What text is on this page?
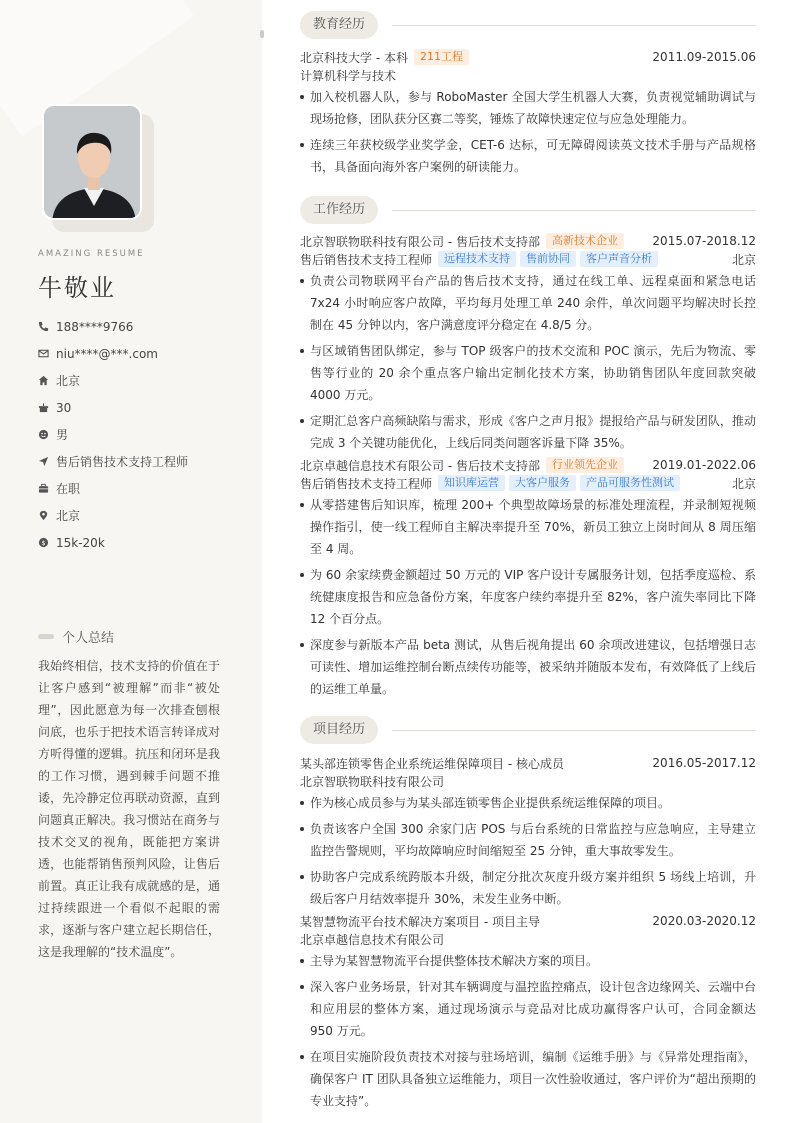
AMAZING RESUME
牛敬业
188****9766
niu****@***.com
北京
30
男
售后销售技术支持工程师
在职
北京
$ 15k-20k
个人总结
我始终相信，技术支持的价值在于让客户感到“被理解”而非“被处理”，因此愿意为每一次排查刨根问底，也乐于把技术语言转译成对方听得懂的逻辑。抗压和闭环是我的工作习惯，遇到棘手问题不推诿，先冷静定位再联动资源，直到问题真正解决。我习惯站在商务与技术交叉的视角，既能把方案讲透，也能帮销售预判风险，让售后前置。真正让我有成就感的是，通过持续跟进一个看似不起眼的需求，逐渐与客户建立起长期信任，这是我理解的“技术温度”。
教育经历
北京科技大学 - 本科	211工程	2011.09-2015.06
计算机科学与技术
加入校机器人队，参与 RoboMaster 全国大学生机器人大赛，负责视觉辅助调试与现场抢修，团队获分区赛二等奖，锤炼了故障快速定位与应急处理能力。
连续三年获校级学业奖学金，CET-6 达标，可无障碍阅读英文技术手册与产品规格书，具备面向海外客户案例的研读能力。
工作经历
北京智联物联科技有限公司 - 售后技术支持部	高新技术企业	2015.07-2018.12
售后销售技术支持工程师	远程技术支持	售前协同	客户声音分析	北京
负责公司物联网平台产品的售后技术支持，通过在线工单、远程桌面和紧急电话 7x24 小时响应客户故障，平均每月处理工单 240 余件，单次问题平均解决时长控制在 45 分钟以内，客户满意度评分稳定在 4.8/5 分。
与区域销售团队绑定，参与 TOP 级客户的技术交流和 POC 演示，先后为物流、零售等行业的 20 余个重点客户输出定制化技术方案，协助销售团队年度回款突破 4000 万元。
定期汇总客户高频缺陷与需求，形成《客户之声月报》提报给产品与研发团队，推动完成 3 个关键功能优化，上线后同类问题客诉量下降 35%。
北京卓越信息技术有限公司 - 售后技术支持部	行业领先企业	2019.01-2022.06
售后销售技术支持工程师	知识库运营	大客户服务	产品可服务性测试	北京
从零搭建售后知识库，梳理 200+ 个典型故障场景的标准处理流程，并录制短视频操作指引，使一线工程师自主解决率提升至 70%，新员工独立上岗时间从 8 周压缩至 4 周。
为 60 余家续费金额超过 50 万元的 VIP 客户设计专属服务计划，包括季度巡检、系统健康度报告和应急备份方案，年度客户续约率提升至 82%，客户流失率同比下降 12 个百分点。
深度参与新版本产品 beta 测试，从售后视角提出 60 余项改进建议，包括增强日志可读性、增加运维控制台断点续传功能等，被采纳并随版本发布，有效降低了上线后的运维工单量。
项目经历
某头部连锁零售企业系统运维保障项目 - 核心成员	2016.05-2017.12
北京智联物联科技有限公司
作为核心成员参与为某头部连锁零售企业提供系统运维保障的项目。
负责该客户全国 300 余家门店 POS 与后台系统的日常监控与应急响应，主导建立监控告警规则，平均故障响应时间缩短至 25 分钟，重大事故零发生。
协助客户完成系统跨版本升级，制定分批次灰度升级方案并组织 5 场线上培训，升级后客户月结效率提升 30%，未发生业务中断。
某智慧物流平台技术解决方案项目 - 项目主导	2020.03-2020.12
北京卓越信息技术有限公司
主导为某智慧物流平台提供整体技术解决方案的项目。
深入客户业务场景，针对其车辆调度与温控监控痛点，设计包含边缘网关、云端中台和应用层的整体方案，通过现场演示与竞品对比成功赢得客户认可，合同金额达 950 万元。
在项目实施阶段负责技术对接与驻场培训，编制《运维手册》与《异常处理指南》，确保客户 IT 团队具备独立运维能力，项目一次性验收通过，客户评价为“超出预期的专业支持”。
